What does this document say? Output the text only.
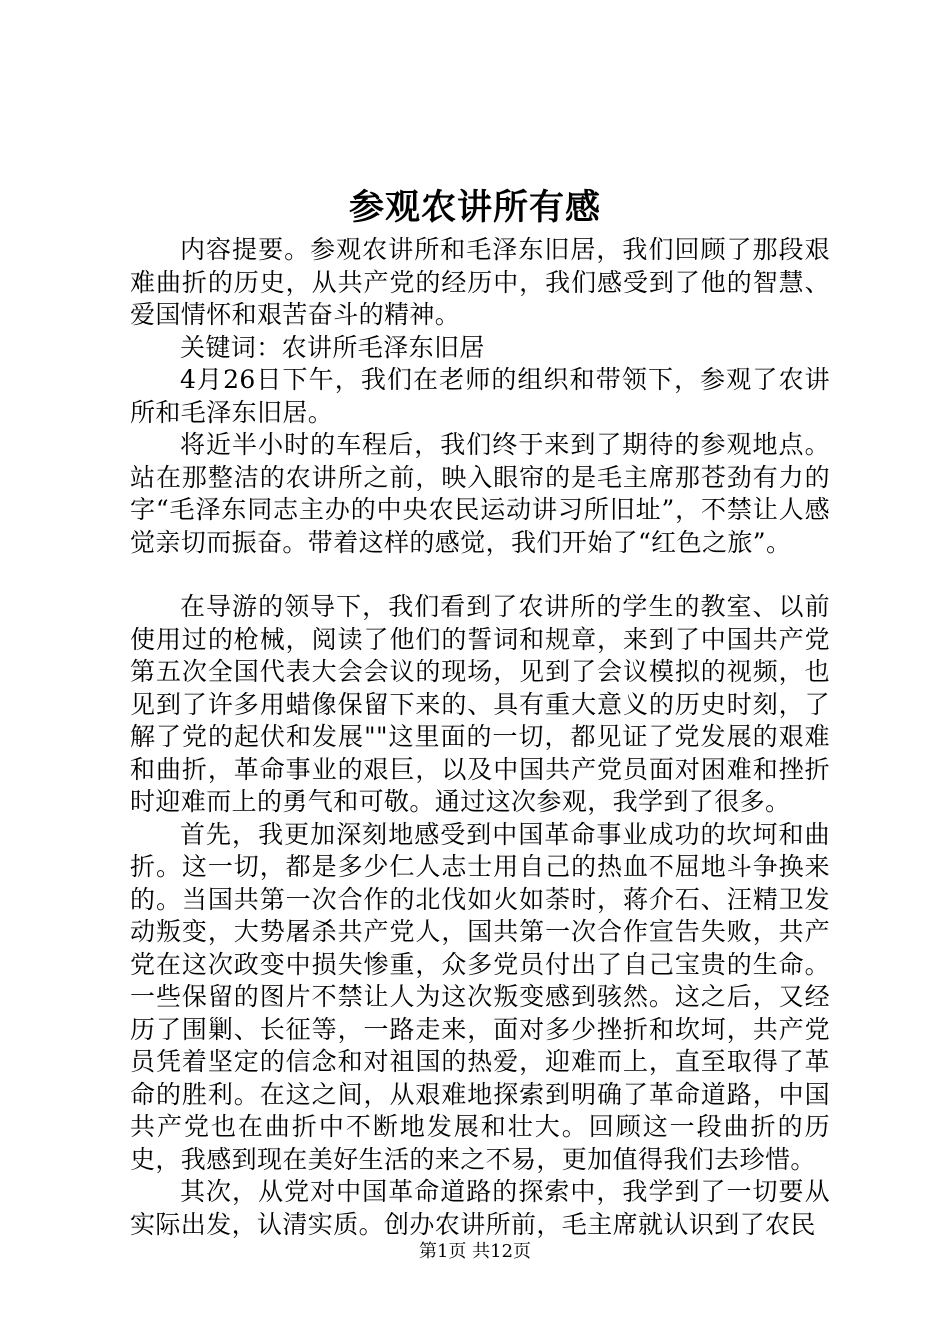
参观农讲所有感

内容提要。参观农讲所和毛泽东旧居，我们回顾了那段艰难曲折的历史，从共产党的经历中，我们感受到了他的智慧、爱国情怀和艰苦奋斗的精神。

关键词：农讲所毛泽东旧居

4月26日下午，我们在老师的组织和带领下，参观了农讲所和毛泽东旧居。

将近半小时的车程后，我们终于来到了期待的参观地点。站在那整洁的农讲所之前，映入眼帘的是毛主席那苍劲有力的字“毛泽东同志主办的中央农民运动讲习所旧址”，不禁让人感觉亲切而振奋。带着这样的感觉，我们开始了“红色之旅”。

在导游的领导下，我们看到了农讲所的学生的教室、以前使用过的枪械，阅读了他们的誓词和规章，来到了中国共产党第五次全国代表大会会议的现场，见到了会议模拟的视频，也见到了许多用蜡像保留下来的、具有重大意义的历史时刻，了解了党的起伏和发展""这里面的一切，都见证了党发展的艰难和曲折，革命事业的艰巨，以及中国共产党员面对困难和挫折时迎难而上的勇气和可敬。通过这次参观，我学到了很多。

首先，我更加深刻地感受到中国革命事业成功的坎坷和曲折。这一切，都是多少仁人志士用自己的热血不屈地斗争换来的。当国共第一次合作的北伐如火如荼时，蒋介石、汪精卫发动叛变，大势屠杀共产党人，国共第一次合作宣告失败，共产党在这次政变中损失惨重，众多党员付出了自己宝贵的生命。一些保留的图片不禁让人为这次叛变感到骇然。这之后，又经历了围剿、长征等，一路走来，面对多少挫折和坎坷，共产党员凭着坚定的信念和对祖国的热爱，迎难而上，直至取得了革命的胜利。在这之间，从艰难地探索到明确了革命道路，中国共产党也在曲折中不断地发展和壮大。回顾这一段曲折的历史，我感到现在美好生活的来之不易，更加值得我们去珍惜。

其次，从党对中国革命道路的探索中，我学到了一切要从实际出发，认清实质。创办农讲所前，毛主席就认识到了农民

第1页 共12页
